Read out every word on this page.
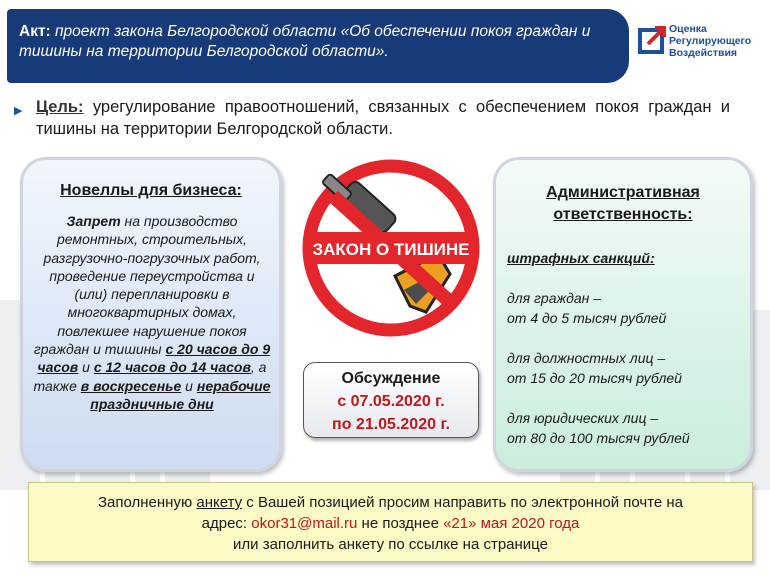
Акт: проект закона Белгородской области «Об обеспечении покоя граждан и тишины на территории Белгородской области».
Оценка
Регулирующего
Воздействия
▶ Цель: урегулирование правоотношений, связанных с обеспечением покоя граждан и тишины на территории Белгородской области.
Новеллы для бизнеса:
Запрет на производство ремонтных, строительных, разгрузочно-погрузочных работ, проведение переустройства и (или) перепланировки в многоквартирных домах, повлекшее нарушение покоя граждан и тишины с 20 часов до 9 часов и с 12 часов до 14 часов, а также в воскресенье и нерабочие праздничные дни
ЗАКОН О ТИШИНЕ
Обсуждение
с 07.05.2020 г.
по 21.05.2020 г.
Административная
ответственность:
штрафных санкций:
для граждан –
от 4 до 5 тысяч рублей
для должностных лиц –
от 15 до 20 тысяч рублей
для юридических лиц –
от 80 до 100 тысяч рублей
Заполненную анкету с Вашей позицией просим направить по электронной почте на
адрес: okor31@mail.ru не позднее «21» мая 2020 года
или заполнить анкету по ссылке на странице
